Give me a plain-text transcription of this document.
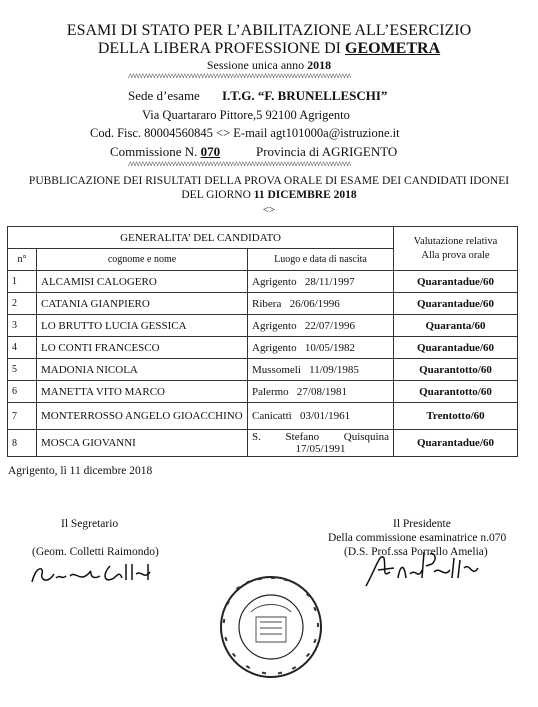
ESAMI DI STATO PER L’ABILITAZIONE ALL’ESERCIZIO
DELLA LIBERA PROFESSIONE DI GEOMETRA
Sessione unica anno 2018
^^^^^^^^^^^^^^^^^^^^^^^^^^^^^^^^^^^^^^^^^^^^^^^^^^^^^^^^^^^^^^^^^^^^^
Sede d’esame I.T.G. “F. BRUNELLESCHI”
Via Quartararo Pittore,5 92100 Agrigento
Cod. Fisc. 80004560845 <> E-mail agt101000a@istruzione.it
Commissione N. 070	Provincia di AGRIGENTO
^^^^^^^^^^^^^^^^^^^^^^^^^^^^^^^^^^^^^^^^^^^^^^^^^^^^^^^^^^^^^^^^^^^^^
PUBBLICAZIONE DEI RISULTATI DELLA PROVA ORALE DI ESAME DEI CANDIDATI IDONEI
DEL GIORNO 11 DICEMBRE 2018
<>
GENERALITA’ DEL CANDIDATO			Valutazione relativa
Alla prova orale

n°	cognome e nome	Luogo e data di nascita	
1	ALCAMISI CALOGERO	Agrigento 28/11/1997	Quarantadue/60
2	CATANIA GIANPIERO	Ribera 26/06/1996	Quarantadue/60
3	LO BRUTTO LUCIA GESSICA	Agrigento 22/07/1996	Quaranta/60
4	LO CONTI FRANCESCO	Agrigento 10/05/1982	Quarantadue/60
5	MADONIA NICOLA	Mussomeli 11/09/1985	Quarantotto/60
6	MANETTA VITO MARCO	Palermo 27/08/1981	Quarantotto/60
7	MONTERROSSO ANGELO GIOACCHINO	Canicattì 03/01/1961	Trentotto/60
8	MOSCA GIOVANNI	S. Stefano Quisquina
17/05/1991	Quarantadue/60
Agrigento, lì 11 dicembre 2018
Il Segretario
(Geom. Colletti Raimondo)
Il Presidente
Della commissione esaminatrice n.070
(D.S. Prof.ssa Porrello Amelia)
